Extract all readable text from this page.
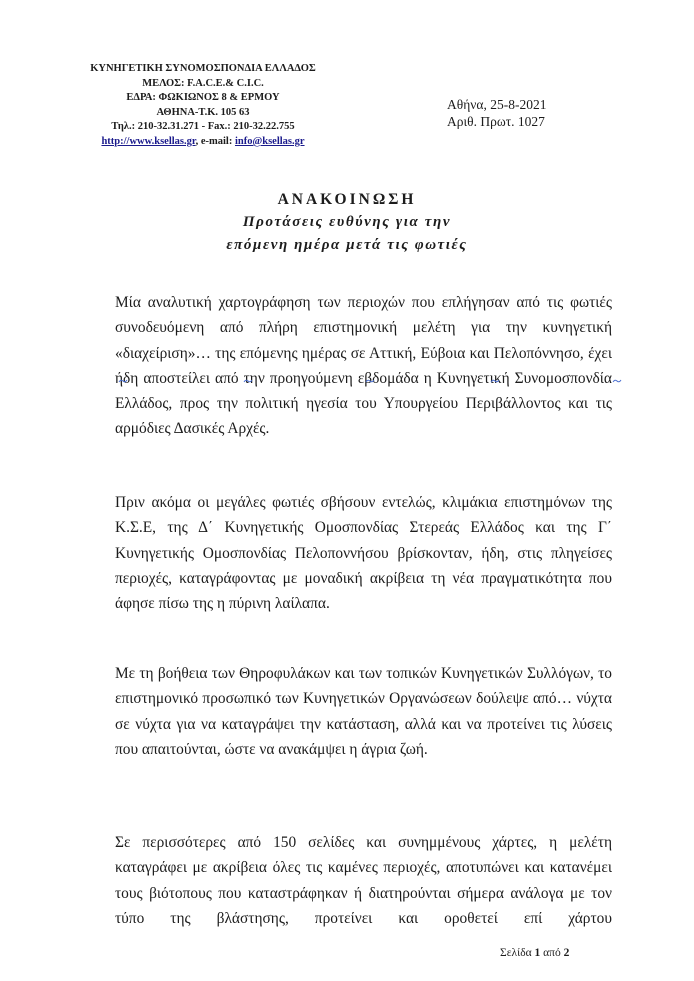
ΚΥΝΗΓΕΤΙΚΗ ΣΥΝΟΜΟΣΠΟΝΔΙΑ ΕΛΛΑΔΟΣ
ΜΕΛΟΣ: F.A.C.E.& C.I.C.
ΕΔΡΑ: ΦΩΚΙΩΝΟΣ 8 & ΕΡΜΟΥ
ΑΘΗΝΑ-Τ.Κ. 105 63
Τηλ.: 210-32.31.271 - Fax.: 210-32.22.755
http://www.ksellas.gr, e-mail: info@ksellas.gr
Αθήνα, 25-8-2021
Αριθ. Πρωτ. 1027
ΑΝΑΚΟΙΝΩΣΗ
Προτάσεις ευθύνης για την
επόμενη ημέρα μετά τις φωτιές
Μία αναλυτική χαρτογράφηση των περιοχών που επλήγησαν από τις φωτιές συνοδευόμενη από πλήρη επιστημονική μελέτη για την κυνηγετική «διαχείριση»… της επόμενης ημέρας σε Αττική, Εύβοια και Πελοπόννησο, έχει ήδη αποστείλει από την προηγούμενη εβδομάδα η Κυνηγετική Συνομοσπονδία Ελλάδος, προς την πολιτική ηγεσία του Υπουργείου Περιβάλλοντος και τις αρμόδιες Δασικές Αρχές.
Πριν ακόμα οι μεγάλες φωτιές σβήσουν εντελώς, κλιμάκια επιστημόνων της Κ.Σ.Ε, της Δ΄ Κυνηγετικής Ομοσπονδίας Στερεάς Ελλάδος και της Γ΄ Κυνηγετικής Ομοσπονδίας Πελοποννήσου βρίσκονταν, ήδη, στις πληγείσες περιοχές, καταγράφοντας με μοναδική ακρίβεια τη νέα πραγματικότητα που άφησε πίσω της η πύρινη λαίλαπα.
Με τη βοήθεια των Θηροφυλάκων και των τοπικών Κυνηγετικών Συλλόγων, το επιστημονικό προσωπικό των Κυνηγετικών Οργανώσεων δούλεψε από… νύχτα σε νύχτα για να καταγράψει την κατάσταση, αλλά και να προτείνει τις λύσεις που απαιτούνται, ώστε να ανακάμψει η άγρια ζωή.
Σε περισσότερες από 150 σελίδες και συνημμένους χάρτες, η μελέτη καταγράφει με ακρίβεια όλες τις καμένες περιοχές, αποτυπώνει και κατανέμει τους βιότοπους που καταστράφηκαν ή διατηρούνται σήμερα ανάλογα με τον τύπο της βλάστησης, προτείνει και οροθετεί επί χάρτου
Σελίδα 1 από 2
